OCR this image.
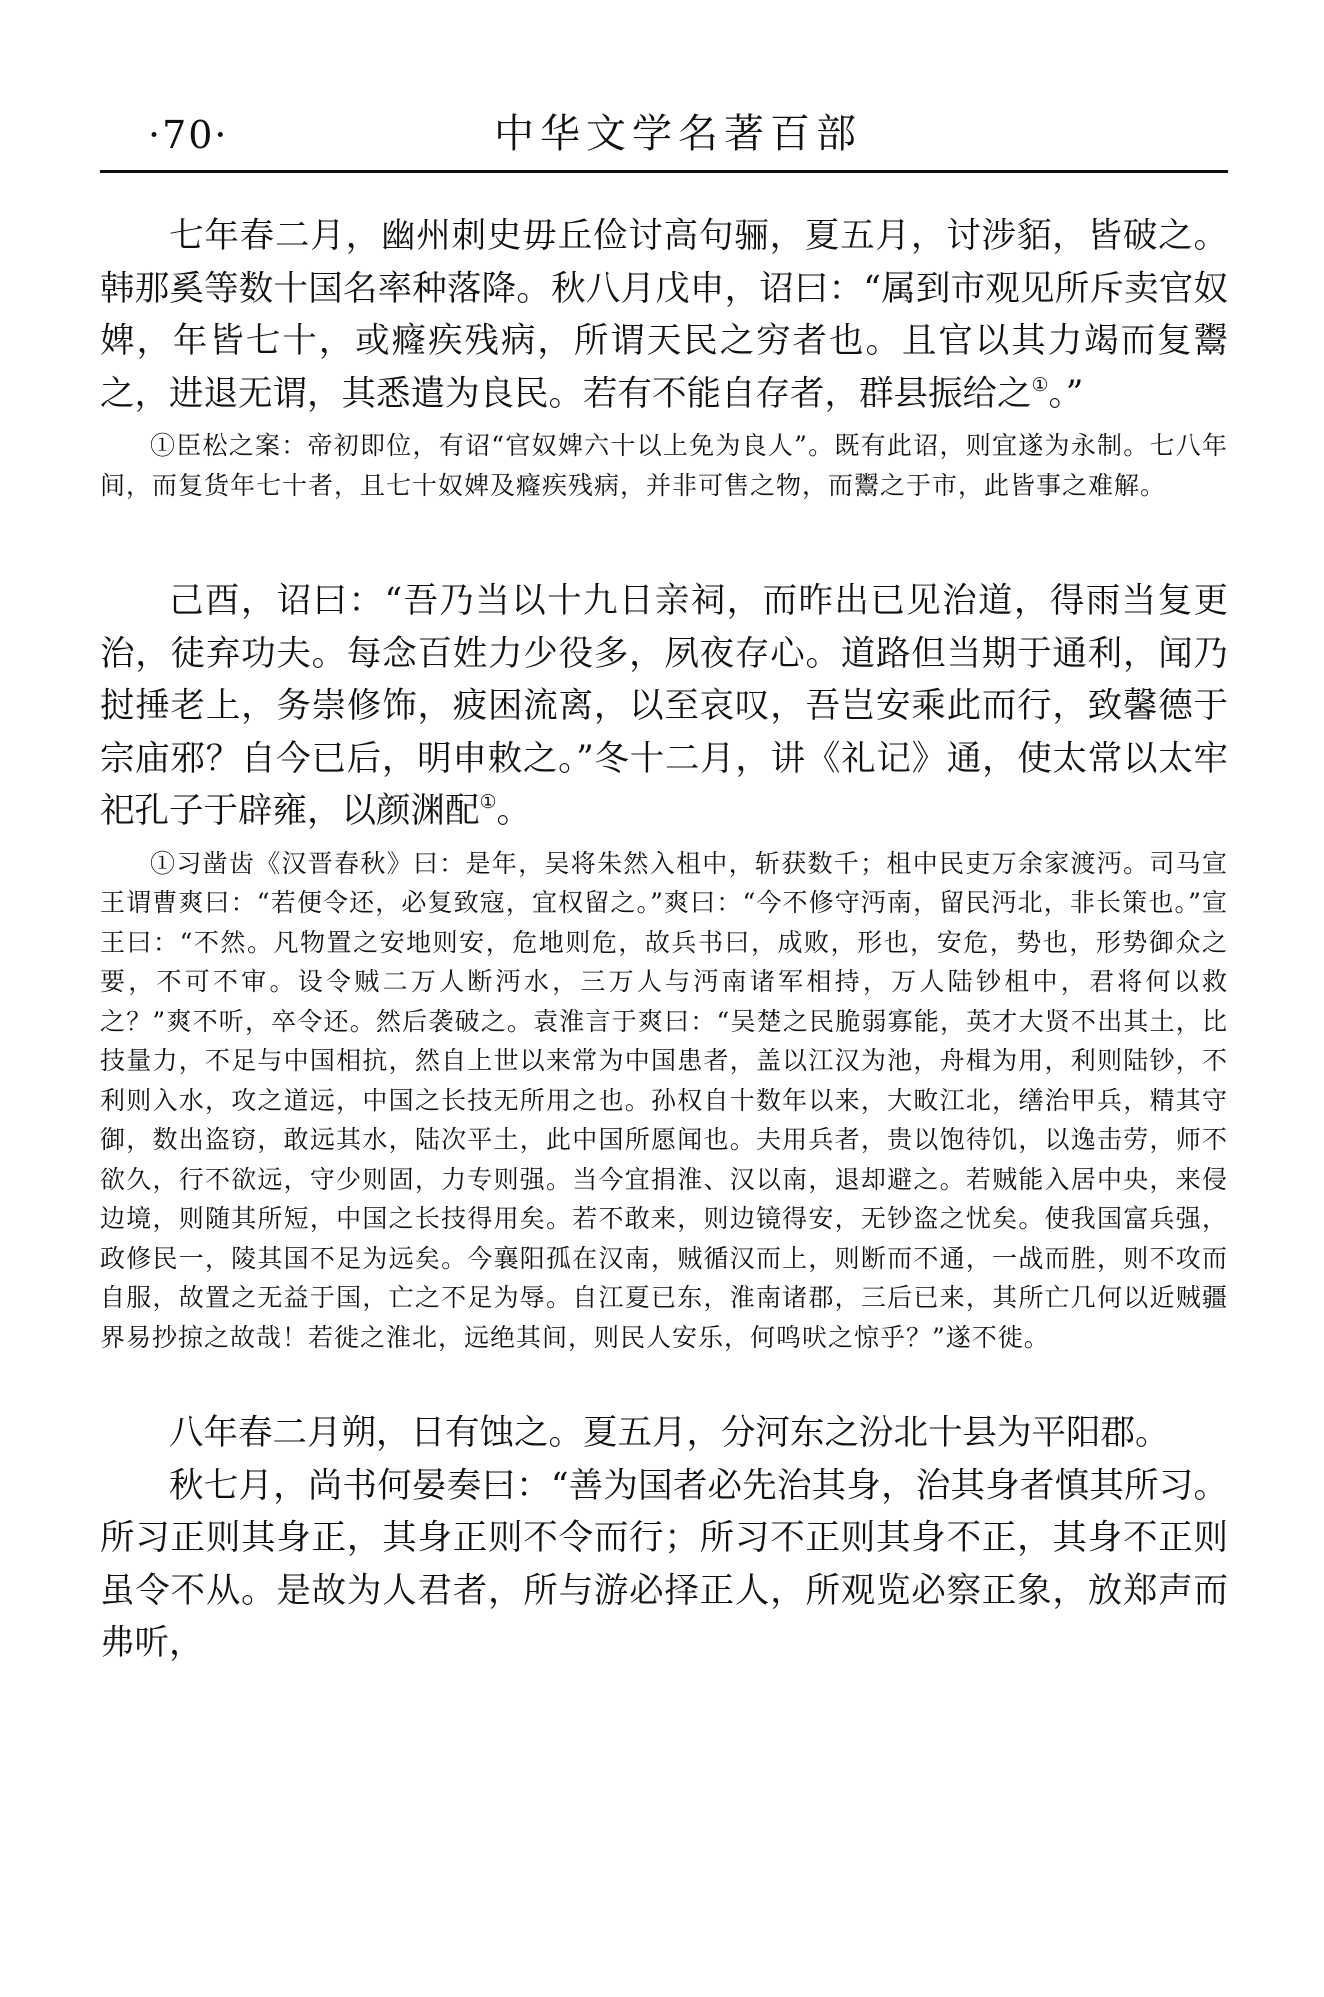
·70·	中华文学名著百部

七年春二月，幽州刺史毋丘俭讨高句骊，夏五月，讨涉貊，皆破之。韩那奚等数十国名率种落降。秋八月戊申，诏曰：“属到市观见所斥卖官奴婢，年皆七十，或癃疾残病，所谓天民之穷者也。且官以其力竭而复鬻之，进退无谓，其悉遣为良民。若有不能自存者，群县振给之①。”

①臣松之案：帝初即位，有诏“官奴婢六十以上免为良人”。既有此诏，则宜遂为永制。七八年间，而复货年七十者，且七十奴婢及癃疾残病，并非可售之物，而鬻之于市，此皆事之难解。

己酉，诏曰：“吾乃当以十九日亲祠，而昨出已见治道，得雨当复更治，徒弃功夫。每念百姓力少役多，夙夜存心。道路但当期于通利，闻乃挝捶老上，务崇修饰，疲困流离，以至哀叹，吾岂安乘此而行，致馨德于宗庙邪？自今已后，明申敕之。”冬十二月，讲《礼记》通，使太常以太牢祀孔子于辟雍，以颜渊配①。

①习凿齿《汉晋春秋》曰：是年，吴将朱然入柤中，斩获数千；柤中民吏万余家渡沔。司马宣王谓曹爽曰：“若便令还，必复致寇，宜权留之。”爽曰：“今不修守沔南，留民沔北，非长策也。”宣王曰：“不然。凡物置之安地则安，危地则危，故兵书曰，成败，形也，安危，势也，形势御众之要，不可不审。设令贼二万人断沔水，三万人与沔南诸军相持，万人陆钞柤中，君将何以救之？”爽不听，卒令还。然后袭破之。袁淮言于爽曰：“吴楚之民脆弱寡能，英才大贤不出其土，比技量力，不足与中国相抗，然自上世以来常为中国患者，盖以江汉为池，舟楫为用，利则陆钞，不利则入水，攻之道远，中国之长技无所用之也。孙权自十数年以来，大畋江北，缮治甲兵，精其守御，数出盗窃，敢远其水，陆次平土，此中国所愿闻也。夫用兵者，贵以饱待饥，以逸击劳，师不欲久，行不欲远，守少则固，力专则强。当今宜捐淮、汉以南，退却避之。若贼能入居中央，来侵边境，则随其所短，中国之长技得用矣。若不敢来，则边镜得安，无钞盗之忧矣。使我国富兵强，政修民一，陵其国不足为远矣。今襄阳孤在汉南，贼循汉而上，则断而不通，一战而胜，则不攻而自服，故置之无益于国，亡之不足为辱。自江夏已东，淮南诸郡，三后已来，其所亡几何以近贼疆界易抄掠之故哉！若徙之淮北，远绝其间，则民人安乐，何鸣吠之惊乎？”遂不徙。

八年春二月朔，日有蚀之。夏五月，分河东之汾北十县为平阳郡。

秋七月，尚书何晏奏曰：“善为国者必先治其身，治其身者慎其所习。所习正则其身正，其身正则不令而行；所习不正则其身不正，其身不正则虽令不从。是故为人君者，所与游必择正人，所观览必察正象，放郑声而弗听，
